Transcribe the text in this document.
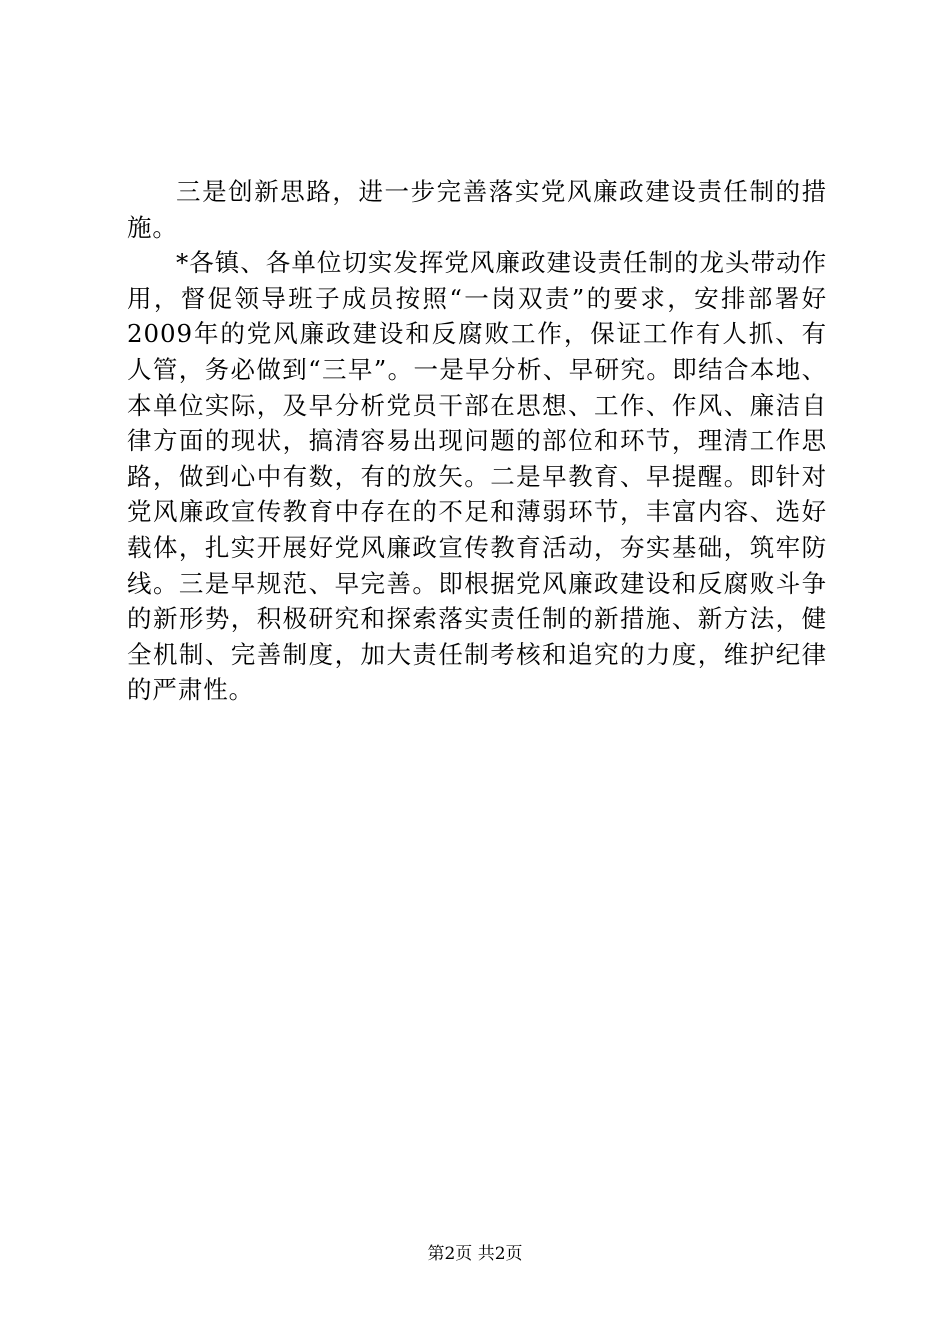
三是创新思路，进一步完善落实党风廉政建设责任制的措施。

*各镇、各单位切实发挥党风廉政建设责任制的龙头带动作用，督促领导班子成员按照“一岗双责”的要求，安排部署好2009年的党风廉政建设和反腐败工作，保证工作有人抓、有人管，务必做到“三早”。一是早分析、早研究。即结合本地、本单位实际，及早分析党员干部在思想、工作、作风、廉洁自律方面的现状，搞清容易出现问题的部位和环节，理清工作思路，做到心中有数，有的放矢。二是早教育、早提醒。即针对党风廉政宣传教育中存在的不足和薄弱环节，丰富内容、选好载体，扎实开展好党风廉政宣传教育活动，夯实基础，筑牢防线。三是早规范、早完善。即根据党风廉政建设和反腐败斗争的新形势，积极研究和探索落实责任制的新措施、新方法，健全机制、完善制度，加大责任制考核和追究的力度，维护纪律的严肃性。

第2页 共2页
